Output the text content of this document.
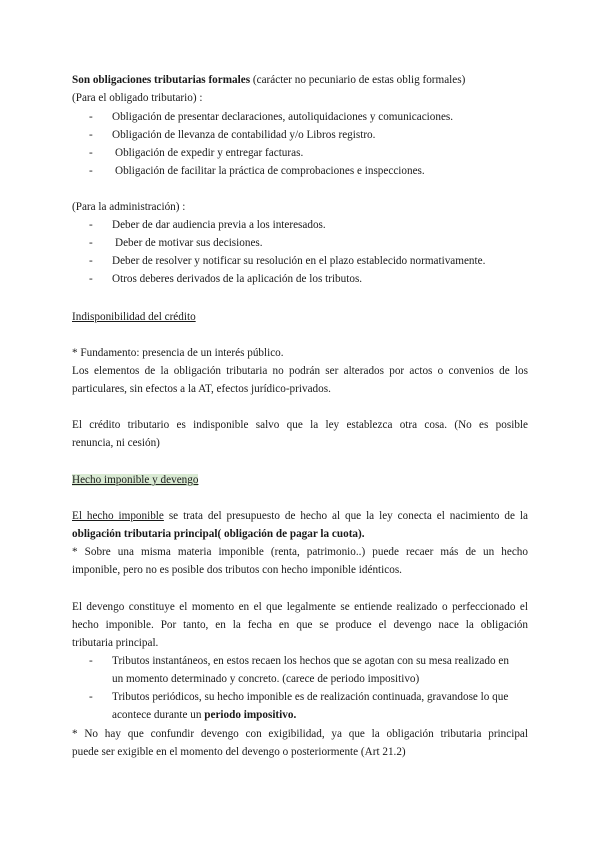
Son obligaciones tributarias formales (carácter no pecuniario de estas oblig formales)

(Para el obligado tributario) :

- Obligación de presentar declaraciones, autoliquidaciones y comunicaciones.
- Obligación de llevanza de contabilidad y/o Libros registro.
- Obligación de expedir y entregar facturas.
- Obligación de facilitar la práctica de comprobaciones e inspecciones.

(Para la administración) :

- Deber de dar audiencia previa a los interesados.
- Deber de motivar sus decisiones.
- Deber de resolver y notificar su resolución en el plazo establecido normativamente.
- Otros deberes derivados de la aplicación de los tributos.

Indisponibilidad del crédito

* Fundamento: presencia de un interés público.

Los elementos de la obligación tributaria no podrán ser alterados por actos o convenios de los

particulares, sin efectos a la AT, efectos jurídico-privados.

El crédito tributario es indisponible salvo que la ley establezca otra cosa. (No es posible

renuncia, ni cesión)

Hecho imponible y devengo

El hecho imponible se trata del presupuesto de hecho al que la ley conecta el nacimiento de la

obligación tributaria principal( obligación de pagar la cuota).

* Sobre una misma materia imponible (renta, patrimonio..) puede recaer más de un hecho

imponible, pero no es posible dos tributos con hecho imponible idénticos.

El devengo constituye el momento en el que legalmente se entiende realizado o perfeccionado el

hecho imponible. Por tanto, en la fecha en que se produce el devengo nace la obligación

tributaria principal.

- Tributos instantáneos, en estos recaen los hechos que se agotan con su mesa realizado en
un momento determinado y concreto. (carece de periodo impositivo)
- Tributos periódicos, su hecho imponible es de realización continuada, gravandose lo que
acontece durante un periodo impositivo.

* No hay que confundir devengo con exigibilidad, ya que la obligación tributaria principal

puede ser exigible en el momento del devengo o posteriormente (Art 21.2)
